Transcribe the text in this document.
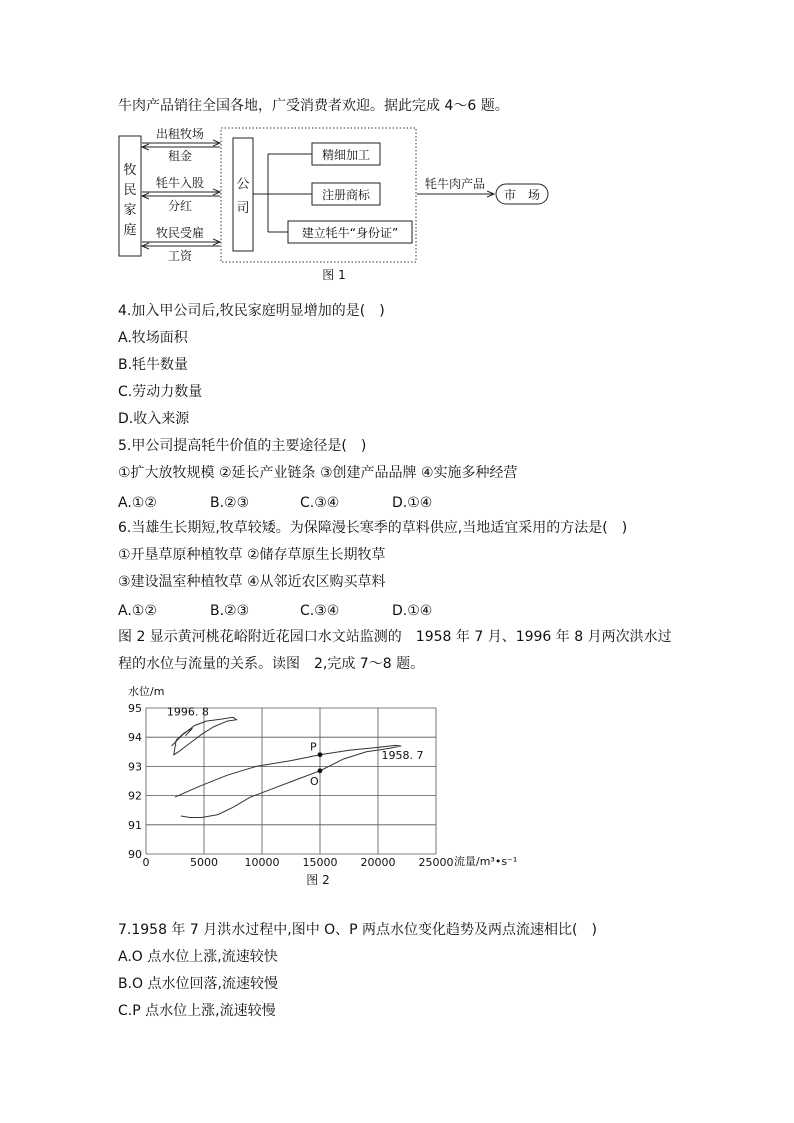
牛肉产品销往全国各地，广受消费者欢迎。据此完成 4～6 题。
牧
民
家
庭
公
司
出租牧场
租金
牦牛入股
分红
牧民受雇
工资
精细加工
注册商标
建立牦牛“身份证”
牦牛肉产品
市　场
图 1
4.加入甲公司后,牧民家庭明显增加的是(　)
A.牧场面积
B.牦牛数量
C.劳动力数量
D.收入来源
5.甲公司提高牦牛价值的主要途径是(　)
①扩大放牧规模 ②延长产业链条 ③创建产品品牌 ④实施多种经营
A.①②	B.②③	C.③④	D.①④
6.当雄生长期短,牧草较矮。为保障漫长寒季的草料供应,当地适宜采用的方法是(　)
①开垦草原种植牧草 ②储存草原生长期牧草
③建设温室种植牧草 ④从邻近农区购买草料
A.①②	B.②③	C.③④	D.①④
图 2 显示黄河桃花峪附近花园口水文站监测的　1958 年 7 月、1996 年 8 月两次洪水过
程的水位与流量的关系。读图　2,完成 7～8 题。
0	5000 10000 15000 20000 25000
90
91
92
93
94
95
1958. 7
1996. 8
P
O
水位/m
流量/m³•s⁻¹
图 2
7.1958 年 7 月洪水过程中,图中 O、P 两点水位变化趋势及两点流速相比(　)
A.O 点水位上涨,流速较快
B.O 点水位回落,流速较慢
C.P 点水位上涨,流速较慢
